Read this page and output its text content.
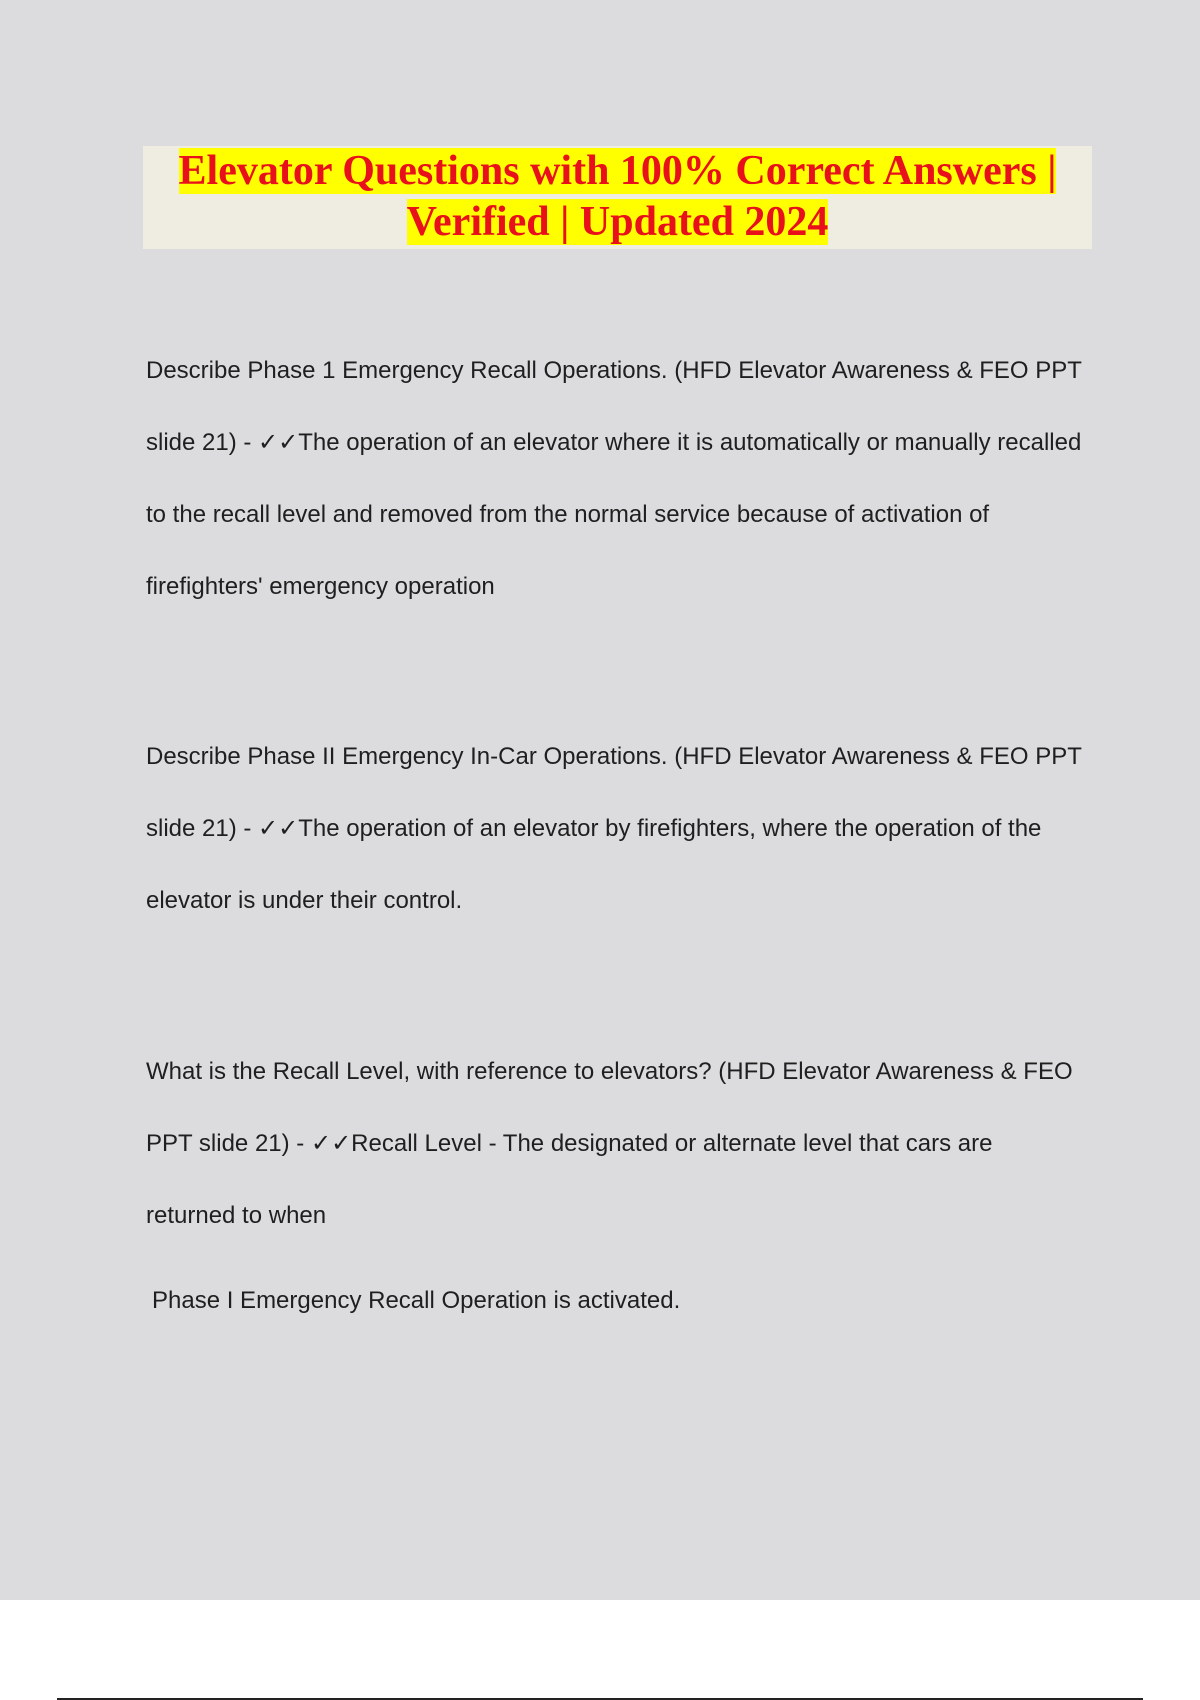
Elevator Questions with 100% Correct Answers |
Verified | Updated 2024

Describe Phase 1 Emergency Recall Operations. (HFD Elevator Awareness & FEO PPT slide 21) - ✓✓The operation of an elevator where it is automatically or manually recalled to the recall level and removed from the normal service because of activation of firefighters' emergency operation

Describe Phase II Emergency In-Car Operations. (HFD Elevator Awareness & FEO PPT slide 21) - ✓✓The operation of an elevator by firefighters, where the operation of the elevator is under their control.

What is the Recall Level, with reference to elevators? (HFD Elevator Awareness & FEO PPT slide 21) - ✓✓Recall Level - The designated or alternate level that cars are returned to when

Phase I Emergency Recall Operation is activated.
